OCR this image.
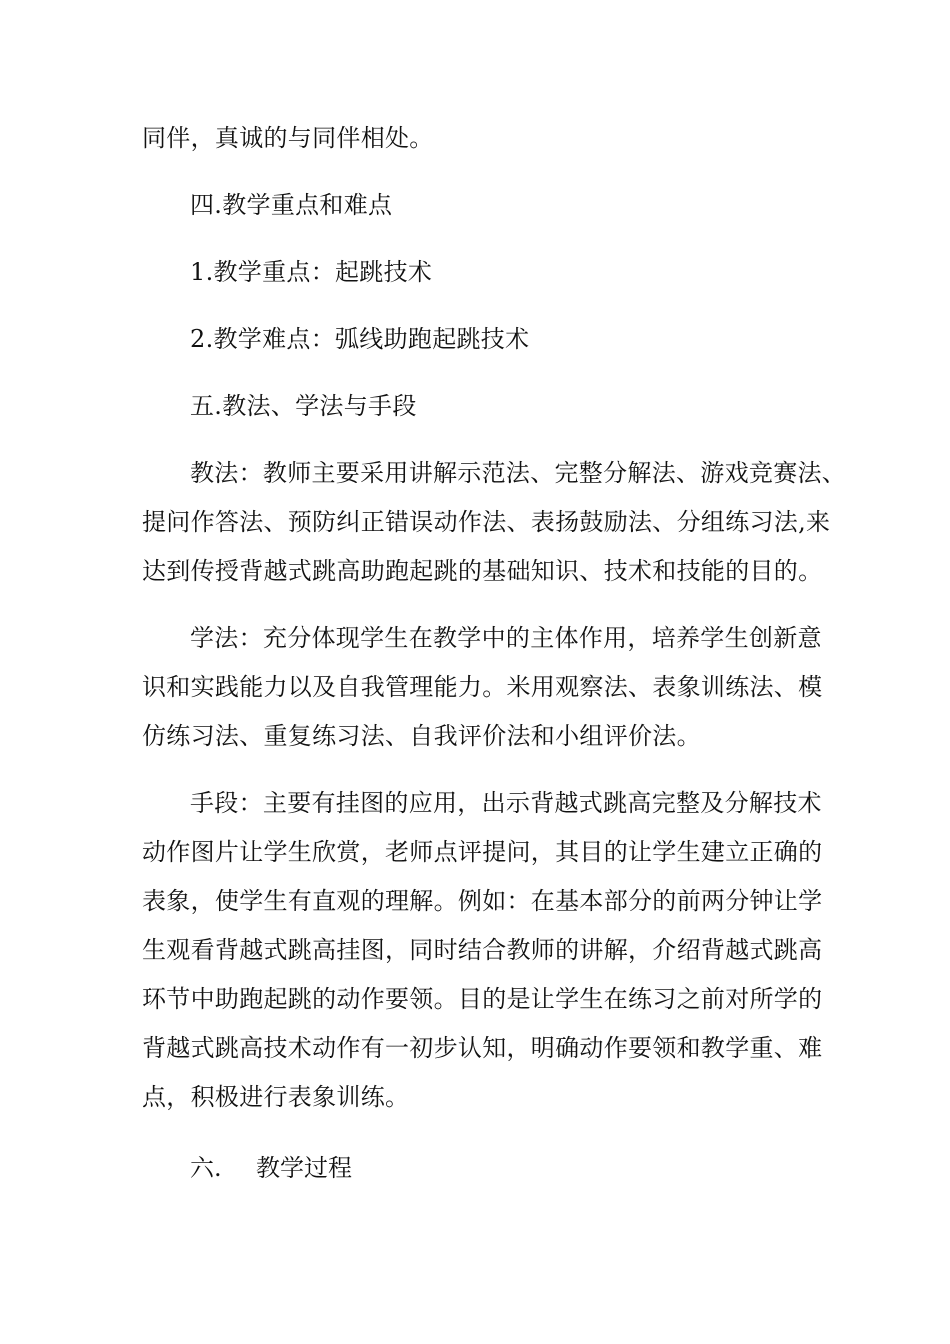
同伴，真诚的与同伴相处。
四.教学重点和难点
1.教学重点：起跳技术
2.教学难点：弧线助跑起跳技术
五.教法、学法与手段
教法：教师主要采用讲解示范法、完整分解法、游戏竞赛法、
提问作答法、预防纠正错误动作法、表扬鼓励法、分组练习法,来
达到传授背越式跳高助跑起跳的基础知识、技术和技能的目的。
学法：充分体现学生在教学中的主体作用，培养学生创新意
识和实践能力以及自我管理能力。米用观察法、表象训练法、模
仿练习法、重复练习法、自我评价法和小组评价法。
手段：主要有挂图的应用，出示背越式跳高完整及分解技术
动作图片让学生欣赏，老师点评提问，其目的让学生建立正确的
表象，使学生有直观的理解。例如：在基本部分的前两分钟让学
生观看背越式跳高挂图，同时结合教师的讲解，介绍背越式跳高
环节中助跑起跳的动作要领。目的是让学生在练习之前对所学的
背越式跳高技术动作有一初步认知，明确动作要领和教学重、难
点，积极进行表象训练。
六. 教学过程
